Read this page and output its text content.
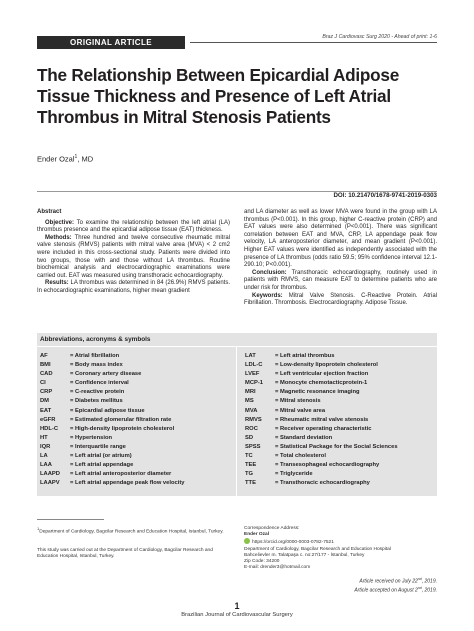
ORIGINAL ARTICLE
Braz J Cardiovasc Surg 2020 - Ahead of print: 1-6
The Relationship Between Epicardial Adipose Tissue Thickness and Presence of Left Atrial Thrombus in Mitral Stenosis Patients
Ender Ozal$^1$, MD
DOI: 10.21470/1678-9741-2019-0303

Abstract

Objective: To examine the relationship between the left atrial (LA) thrombus presence and the epicardial adipose tissue (EAT) thickness.

Methods: Three hundred and twelve consecutive rheumatic mitral valve stenosis (RMVS) patients with mitral valve area (MVA) < 2 cm2 were included in this cross-sectional study. Patients were divided into two groups, those with and those without LA thrombus. Routine biochemical analysis and electrocardiographic examinations were carried out. EAT was measured using transthoracic echocardiography.

Results: LA thrombus was determined in 84 (26.9%) RMVS patients. In echocardiographic examinations, higher mean gradient

and LA diameter as well as lower MVA were found in the group with LA thrombus (P<0.001). In this group, higher C-reactive protein (CRP) and EAT values were also determined (P<0.001). There was significant correlation between EAT and MVA, CRP, LA appendage peak flow velocity, LA anteroposterior diameter, and mean gradient (P<0.001). Higher EAT values were identified as independently associated with the presence of LA thrombus (odds ratio 59.5; 95% confidence interval 12.1-290.10; P<0.001).

Conclusion: Transthoracic echocardiography, routinely used in patients with RMVS, can measure EAT to determine patients who are under risk for thrombus.

Keywords: Mitral Valve Stenosis. C-Reactive Protein. Atrial Fibrillation. Thrombosis. Electrocardiography. Adipose Tissue.

Abbreviations, acronyms & symbols
AF	= Atrial fibrillation
BMI	= Body mass index
CAD	= Coronary artery disease
CI	= Confidence interval
CRP	= C-reactive protein
DM	= Diabetes mellitus
EAT	= Epicardial adipose tissue
eGFR	= Estimated glomerular filtration rate
HDL-C	= High-density lipoprotein cholesterol
HT	= Hypertension
IQR	= Interquartile range
LA	= Left atrial (or atrium)
LAA	= Left atrial appendage
LAAPD	= Left atrial anteroposterior diameter
LAAPV	= Left atrial appendage peak flow velocity
LAT	= Left atrial thrombus
LDL-C	= Low-density lipoprotein cholesterol
LVEF	= Left ventricular ejection fraction
MCP-1	= Monocyte chemotacticprotein-1
MRI	= Magnetic resonance imaging
MS	= Mitral stenosis
MVA	= Mitral valve area
RMVS	= Rheumatic mitral valve stenosis
ROC	= Receiver operating characteristic
SD	= Standard deviation
SPSS	= Statistical Package for the Social Sciences
TC	= Total cholesterol
TEE	= Transesophageal echocardiography
TG	= Triglyceride
TTE	= Transthoracic echocardiography
$^1$Department of Cardiology, Bagcilar Research and Education Hospital, Istanbul, Turkey.
This study was carried out at the Department of Cardiology, Bagcilar Research and Education Hospital, Istanbul, Turkey.
Correspondence Address:
Ender Ozal
https://orcid.org/0000-0003-0782-7521
Department of Cardiology, Bagcilar Research and Education Hospital
Bahcelievler m. Talatpaşa c. no:27/177 - İstanbul, Turkey
Zip Code: 34200
E-mail: drender3@hotmail.com
Article received on July 22nd, 2019.
Article accepted on August 2nd, 2019.
1
Brazilian Journal of Cardiovascular Surgery
